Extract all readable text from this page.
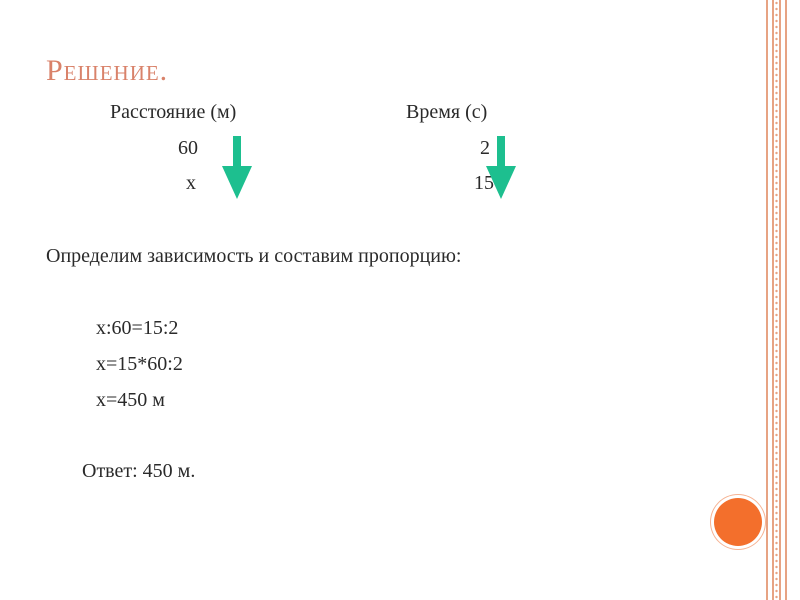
Решение.
Расстояние (м)	Время (с)
60	2
x	15
Определим зависимость и составим пропорцию:
x:60=15:2
x=15*60:2
x=450 м
Ответ: 450 м.
